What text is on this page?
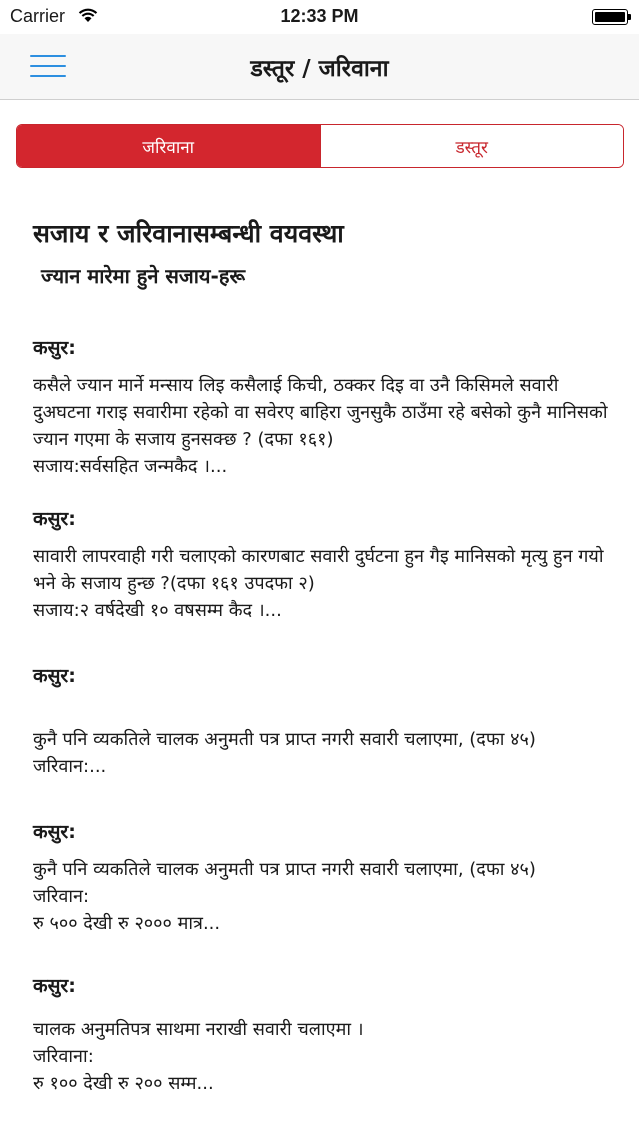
Carrier	12:33 PM
डस्तूर / जरिवाना
जरिवाना	डस्तूर
सजाय र जरिवानासम्बन्धी वयवस्था
ज्यान मारेमा हुने सजाय-हरू
कसुर:
कसैले ज्यान मार्ने मन्साय लिइ कसैलाई किची, ठक्कर दिइ वा उनै किसिमले सवारी दुअघटना गराइ सवारीमा रहेको वा सवेरए बाहिरा जुनसुकै ठाउँमा रहे बसेको कुनै मानिसको ज्यान गएमा के सजाय हुनसक्छ ? (दफा १६१)
सजाय:सर्वसहित जन्मकैद ।...
कसुर:
सावारी लापरवाही गरी चलाएको कारणबाट सवारी दुर्घटना हुन गैइ मानिसको मृत्यु हुन गयो भने के सजाय हुन्छ ?(दफा १६१ उपदफा २)
सजाय:२ वर्षदेखी १० वषसम्म कैद ।...
कसुर:
कुनै पनि व्यकतिले चालक अनुमती पत्र प्राप्त नगरी सवारी चलाएमा, (दफा ४५)
जरिवान:...
कसुर:
कुनै पनि व्यकतिले चालक अनुमती पत्र प्राप्त नगरी सवारी चलाएमा, (दफा ४५)
जरिवान:
रु ५०० देखी रु २००० मात्र...
कसुर:
चालक अनुमतिपत्र साथमा नराखी सवारी चलाएमा ।
जरिवाना:
रु १०० देखी रु २०० सम्म...
